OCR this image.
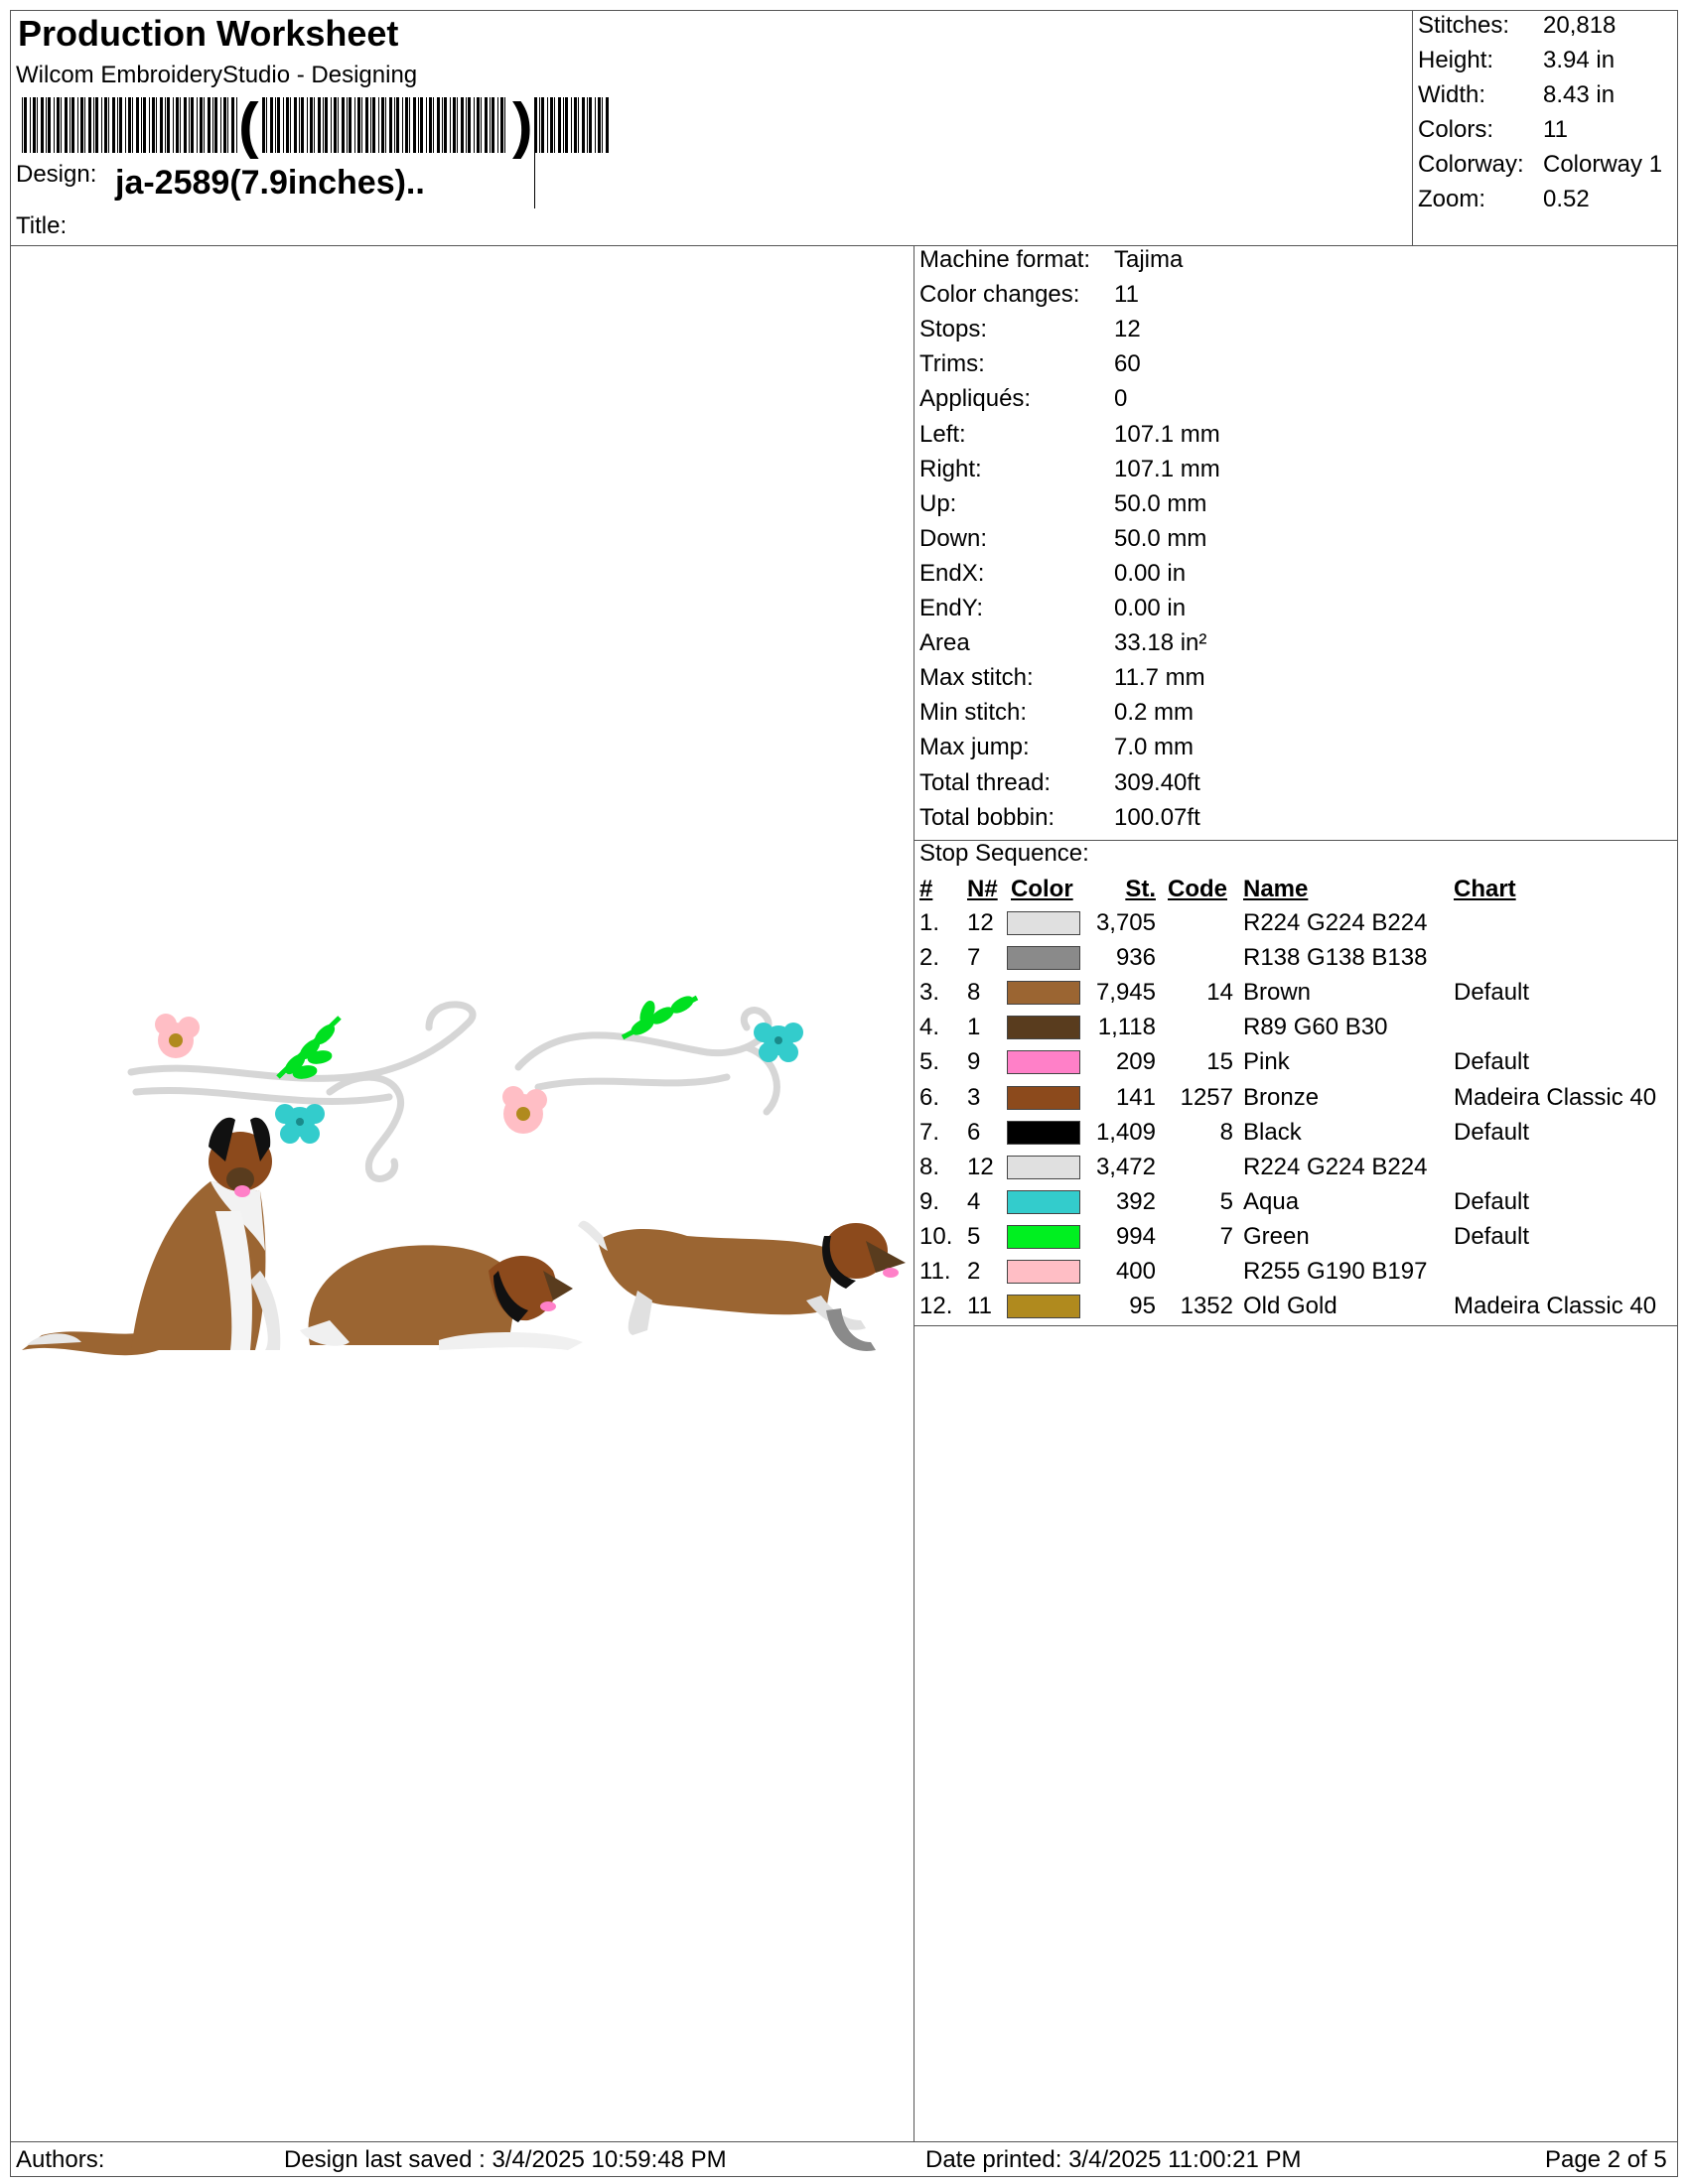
Production Worksheet
Wilcom EmbroideryStudio - Designing
(	)
Design: ja-2589(7.9inches)..
Title:
Stitches: 20,818
Height: 3.94 in
Width: 8.43 in
Colors: 11
Colorway: Colorway 1
Zoom: 0.52
Machine format: Tajima
Color changes: 11
Stops:	12
Trims:	60
Appliqués:	0
Left:	107.1 mm
Right:	107.1 mm
Up:	50.0 mm
Down:	50.0 mm
EndX:	0.00 in
EndY:	0.00 in
Area	33.18 in²
Max stitch:	11.7 mm
Min stitch:	0.2 mm
Max jump:	7.0 mm
Total thread:	309.40ft
Total bobbin: 100.07ft
Stop Sequence:
# N# Color	St. Code Name	Chart
1. 12	3,705	R224 G224 B224
2. 7	936	R138 G138 B138
3. 8	7,945	14 Brown	Default
4. 1	1,118	R89 G60 B30
5. 9	209	15 Pink	Default
6. 3	141	1257 Bronze	Madeira Classic 40
7. 6	1,409	8 Black	Default
8. 12	3,472	R224 G224 B224
9. 4	392	5 Aqua	Default
10. 5	994	7 Green	Default
11. 2	400	R255 G190 B197
12. 11	95	1352 Old Gold	Madeira Classic 40
Authors:	Design last saved : 3/4/2025 10:59:48 PM	Date printed: 3/4/2025 11:00:21 PM	Page 2 of 5
